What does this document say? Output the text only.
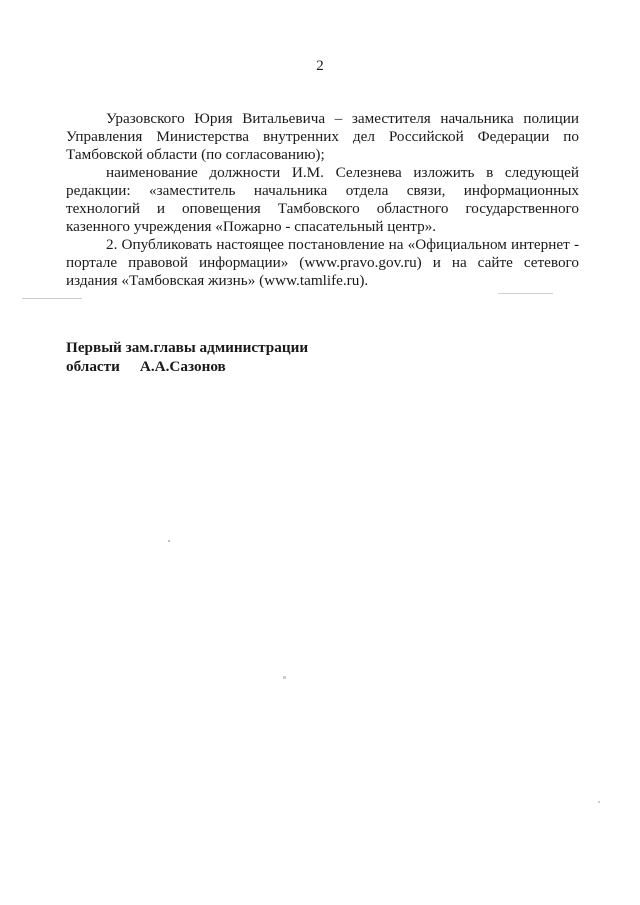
2

Уразовского Юрия Витальевича – заместителя начальника полиции Управления Министерства внутренних дел Российской Федерации по Тамбовской области (по согласованию);

наименование должности И.М. Селезнева изложить в следующей редакции: «заместитель начальника отдела связи, информационных технологий и оповещения Тамбовского областного государственного казенного учреждения «Пожарно - спасательный центр».

2. Опубликовать настоящее постановление на «Официальном интернет - портале правовой информации» (www.pravo.gov.ru) и на сайте сетевого издания «Тамбовская жизнь» (www.tamlife.ru).

Первый зам.главы администрации
области А.А.Сазонов
